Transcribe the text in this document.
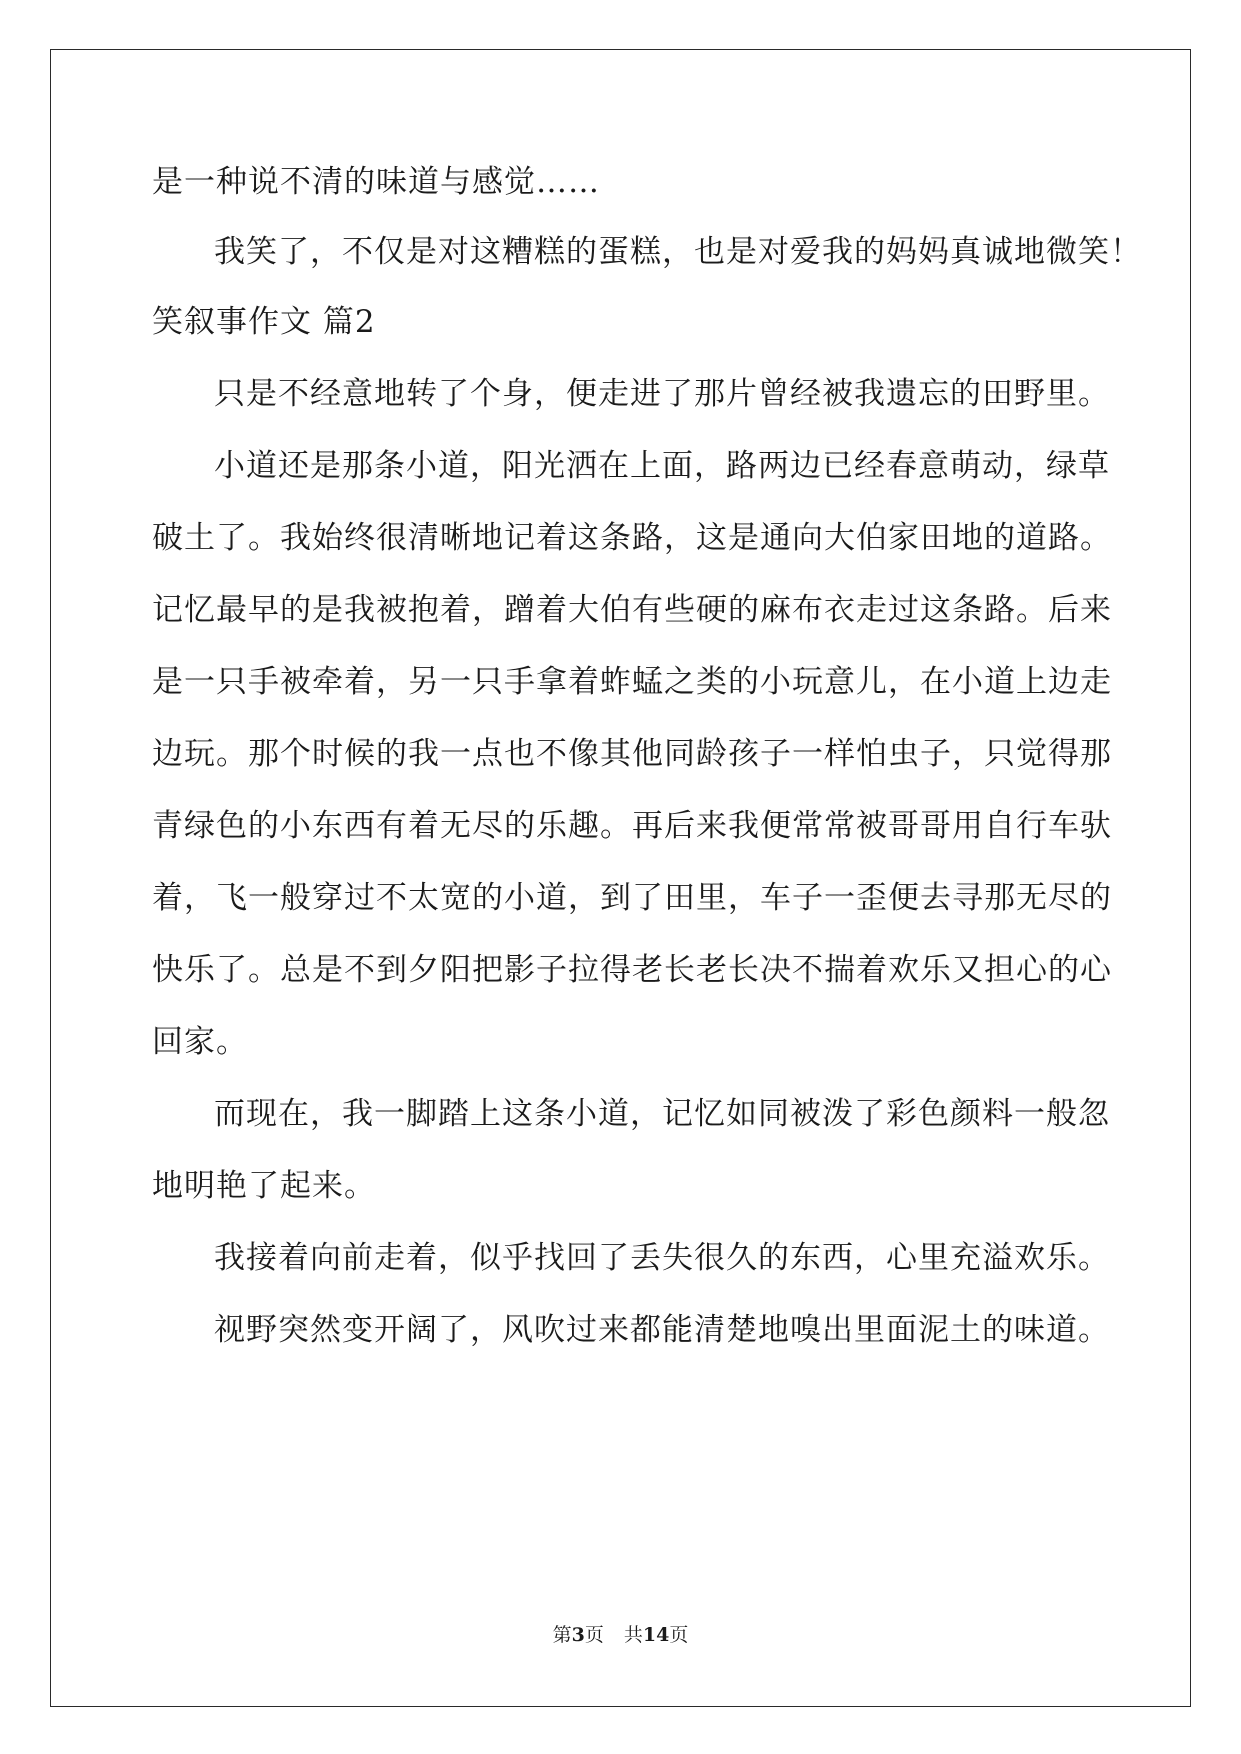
是一种说不清的味道与感觉……
我笑了，不仅是对这糟糕的蛋糕，也是对爱我的妈妈真诚地微笑！
笑叙事作文 篇2
只是不经意地转了个身，便走进了那片曾经被我遗忘的田野里。
小道还是那条小道，阳光洒在上面，路两边已经春意萌动，绿草
破土了。我始终很清晰地记着这条路，这是通向大伯家田地的道路。
记忆最早的是我被抱着，蹭着大伯有些硬的麻布衣走过这条路。后来
是一只手被牵着，另一只手拿着蚱蜢之类的小玩意儿，在小道上边走
边玩。那个时候的我一点也不像其他同龄孩子一样怕虫子，只觉得那
青绿色的小东西有着无尽的乐趣。再后来我便常常被哥哥用自行车驮
着，飞一般穿过不太宽的小道，到了田里，车子一歪便去寻那无尽的
快乐了。总是不到夕阳把影子拉得老长老长决不揣着欢乐又担心的心
回家。
而现在，我一脚踏上这条小道，记忆如同被泼了彩色颜料一般忽
地明艳了起来。
我接着向前走着，似乎找回了丢失很久的东西，心里充溢欢乐。
视野突然变开阔了，风吹过来都能清楚地嗅出里面泥土的味道。
第3页 共14页
